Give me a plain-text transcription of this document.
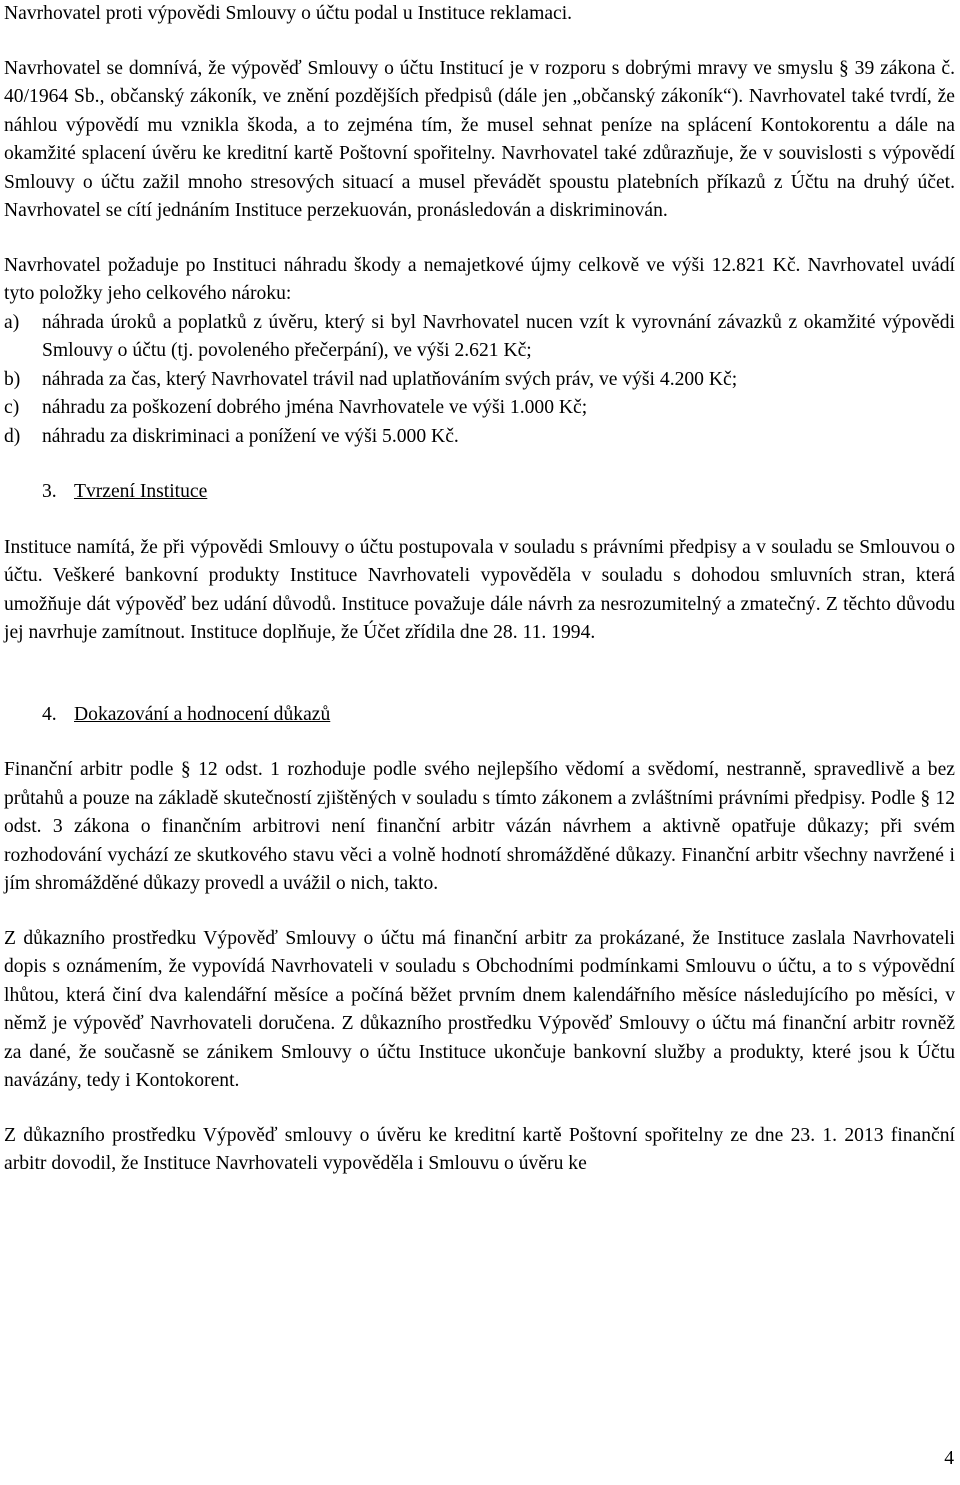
Navrhovatel proti výpovědi Smlouvy o účtu podal u Instituce reklamaci.

Navrhovatel se domnívá, že výpověď Smlouvy o účtu Institucí je v rozporu s dobrými mravy ve smyslu § 39 zákona č. 40/1964 Sb., občanský zákoník, ve znění pozdějších předpisů (dále jen „občanský zákoník“). Navrhovatel také tvrdí, že náhlou výpovědí mu vznikla škoda, a to zejména tím, že musel sehnat peníze na splácení Kontokorentu a dále na okamžité splacení úvěru ke kreditní kartě Poštovní spořitelny. Navrhovatel také zdůrazňuje, že v souvislosti s výpovědí Smlouvy o účtu zažil mnoho stresových situací a musel převádět spoustu platebních příkazů z Účtu na druhý účet. Navrhovatel se cítí jednáním Instituce perzekuován, pronásledován a diskriminován.

Navrhovatel požaduje po Instituci náhradu škody a nemajetkové újmy celkově ve výši 12.821 Kč. Navrhovatel uvádí tyto položky jeho celkového nároku:

a) náhrada úroků a poplatků z úvěru, který si byl Navrhovatel nucen vzít k vyrovnání závazků z okamžité výpovědi Smlouvy o účtu (tj. povoleného přečerpání), ve výši 2.621 Kč;
b) náhrada za čas, který Navrhovatel trávil nad uplatňováním svých práv, ve výši 4.200 Kč;
c) náhradu za poškození dobrého jména Navrhovatele ve výši 1.000 Kč;
d) náhradu za diskriminaci a ponížení ve výši 5.000 Kč.
3. Tvrzení Instituce

Instituce namítá, že při výpovědi Smlouvy o účtu postupovala v souladu s právními předpisy a v souladu se Smlouvou o účtu. Veškeré bankovní produkty Instituce Navrhovateli vypověděla v souladu s dohodou smluvních stran, která umožňuje dát výpověď bez udání důvodů. Instituce považuje dále návrh za nesrozumitelný a zmatečný. Z těchto důvodu jej navrhuje zamítnout. Instituce doplňuje, že Účet zřídila dne 28. 11. 1994.

4. Dokazování a hodnocení důkazů

Finanční arbitr podle § 12 odst. 1 rozhoduje podle svého nejlepšího vědomí a svědomí, nestranně, spravedlivě a bez průtahů a pouze na základě skutečností zjištěných v souladu s tímto zákonem a zvláštními právními předpisy. Podle § 12 odst. 3 zákona o finančním arbitrovi není finanční arbitr vázán návrhem a aktivně opatřuje důkazy; při svém rozhodování vychází ze skutkového stavu věci a volně hodnotí shromážděné důkazy. Finanční arbitr všechny navržené i jím shromážděné důkazy provedl a uvážil o nich, takto.

Z důkazního prostředku Výpověď Smlouvy o účtu má finanční arbitr za prokázané, že Instituce zaslala Navrhovateli dopis s oznámením, že vypovídá Navrhovateli v souladu s Obchodními podmínkami Smlouvu o účtu, a to s výpovědní lhůtou, která činí dva kalendářní měsíce a počíná běžet prvním dnem kalendářního měsíce následujícího po měsíci, v němž je výpověď Navrhovateli doručena. Z důkazního prostředku Výpověď Smlouvy o účtu má finanční arbitr rovněž za dané, že současně se zánikem Smlouvy o účtu Instituce ukončuje bankovní služby a produkty, které jsou k Účtu navázány, tedy i Kontokorent.

Z důkazního prostředku Výpověď smlouvy o úvěru ke kreditní kartě Poštovní spořitelny ze dne 23. 1. 2013 finanční arbitr dovodil, že Instituce Navrhovateli vypověděla i Smlouvu o úvěru ke

4
